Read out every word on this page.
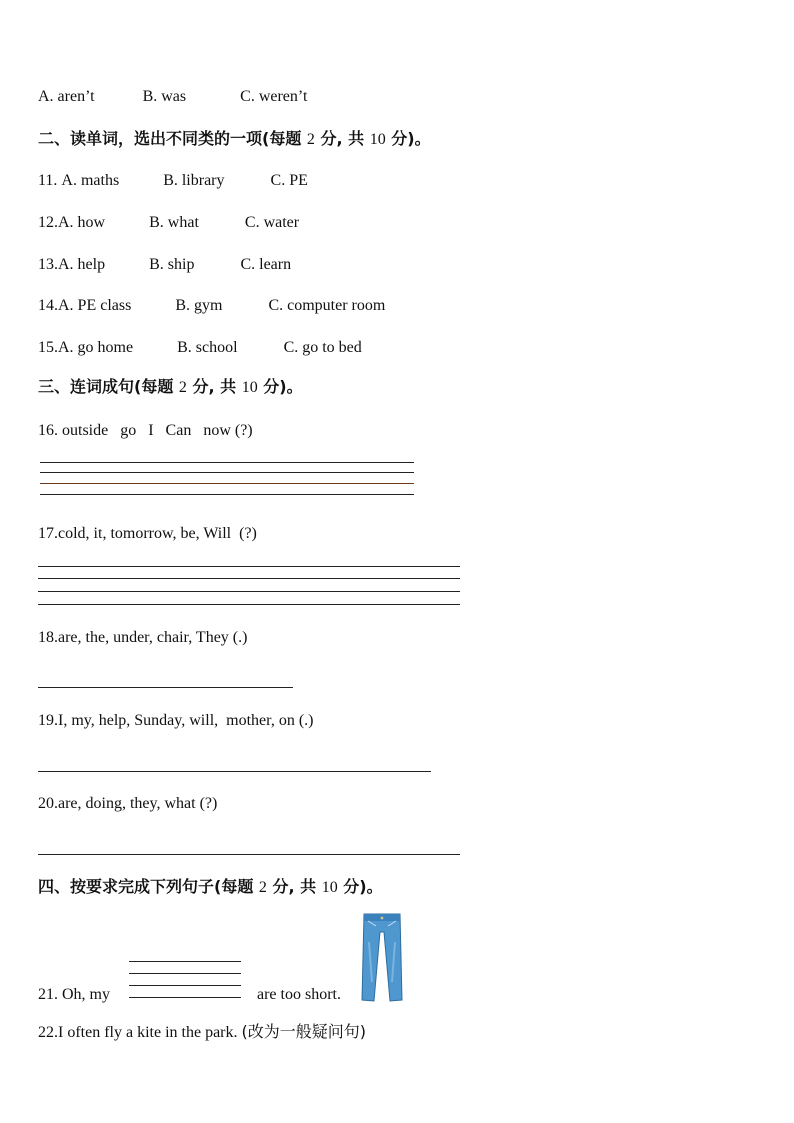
A. aren’t	B. was	C. weren’t
二、读单词，选出不同类的一项(每题 2 分, 共 10 分)。
11. A. maths	B. library	C. PE
12.A. how	B. what	C. water
13.A. help	B. ship	C. learn
14.A. PE class	B. gym	C. computer room
15.A. go home	B. school	C. go to bed
三、连词成句(每题 2 分, 共 10 分)。
16. outside   go   I   Can   now (?)
17.cold, it, tomorrow, be, Will  (?)
18.are, the, under, chair, They (.)
19.I, my, help, Sunday, will,  mother, on (.)
20.are, doing, they, what (?)
四、按要求完成下列句子(每题 2 分, 共 10 分)。
21. Oh, my	are too short.
22.I often fly a kite in the park. (改为一般疑问句)
